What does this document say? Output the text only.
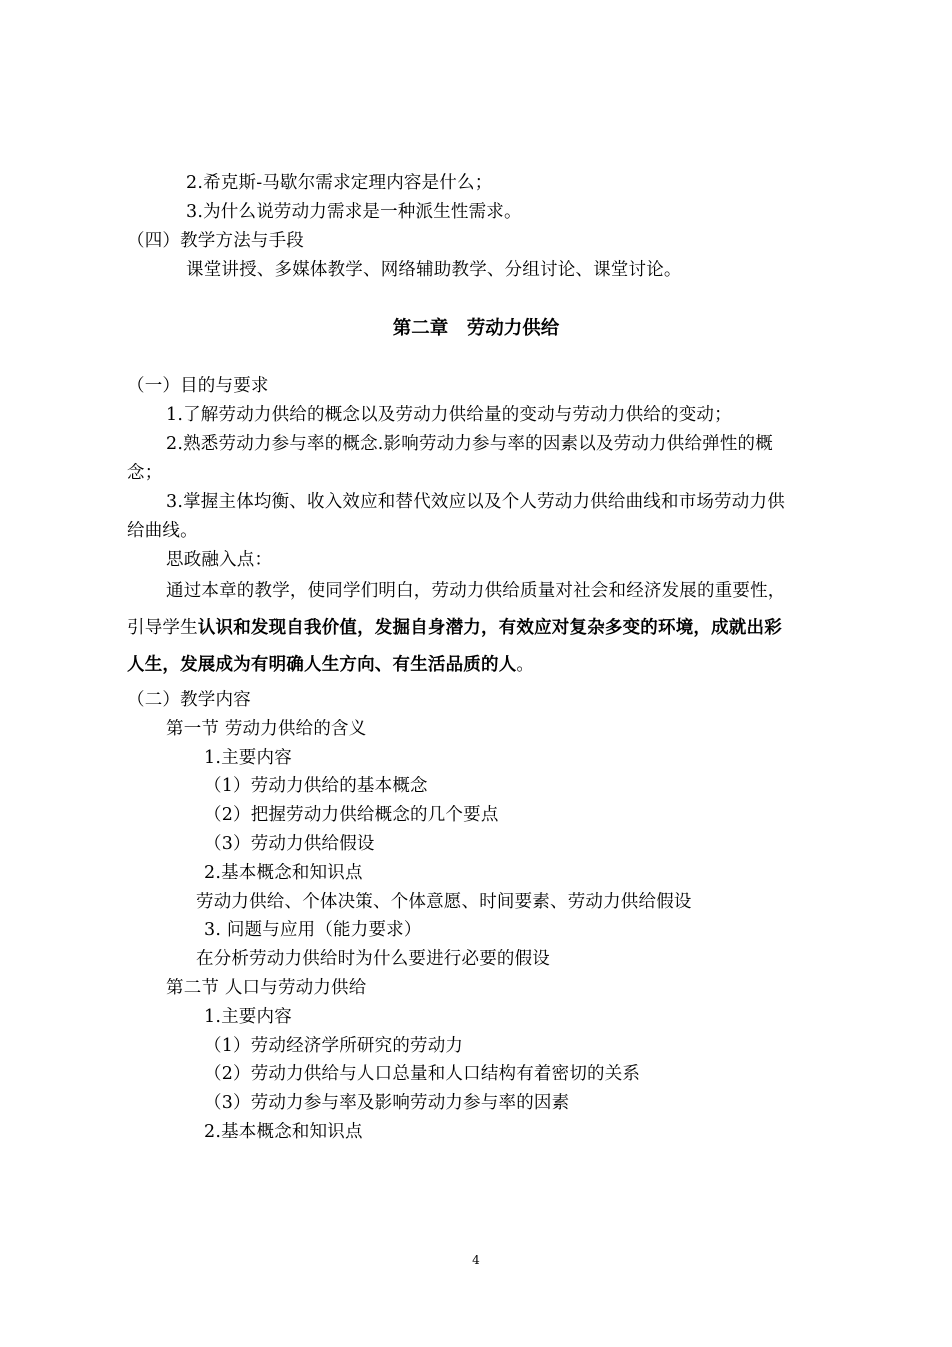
2.希克斯-马歇尔需求定理内容是什么；
3.为什么说劳动力需求是一种派生性需求。
（四）教学方法与手段
课堂讲授、多媒体教学、网络辅助教学、分组讨论、课堂讨论。
第二章　劳动力供给
（一）目的与要求
1.了解劳动力供给的概念以及劳动力供给量的变动与劳动力供给的变动；
2.熟悉劳动力参与率的概念.影响劳动力参与率的因素以及劳动力供给弹性的概
念；
3.掌握主体均衡、收入效应和替代效应以及个人劳动力供给曲线和市场劳动力供
给曲线。
思政融入点：
通过本章的教学，使同学们明白，劳动力供给质量对社会和经济发展的重要性，
引导学生认识和发现自我价值，发掘自身潜力，有效应对复杂多变的环境，成就出彩
人生，发展成为有明确人生方向、有生活品质的人。
（二）教学内容
第一节 劳动力供给的含义
1.主要内容
（1）劳动力供给的基本概念
（2）把握劳动力供给概念的几个要点
（3）劳动力供给假设
2.基本概念和知识点
劳动力供给、个体决策、个体意愿、时间要素、劳动力供给假设
3. 问题与应用（能力要求）
在分析劳动力供给时为什么要进行必要的假设
第二节 人口与劳动力供给
1.主要内容
（1）劳动经济学所研究的劳动力
（2）劳动力供给与人口总量和人口结构有着密切的关系
（3）劳动力参与率及影响劳动力参与率的因素
2.基本概念和知识点
4
